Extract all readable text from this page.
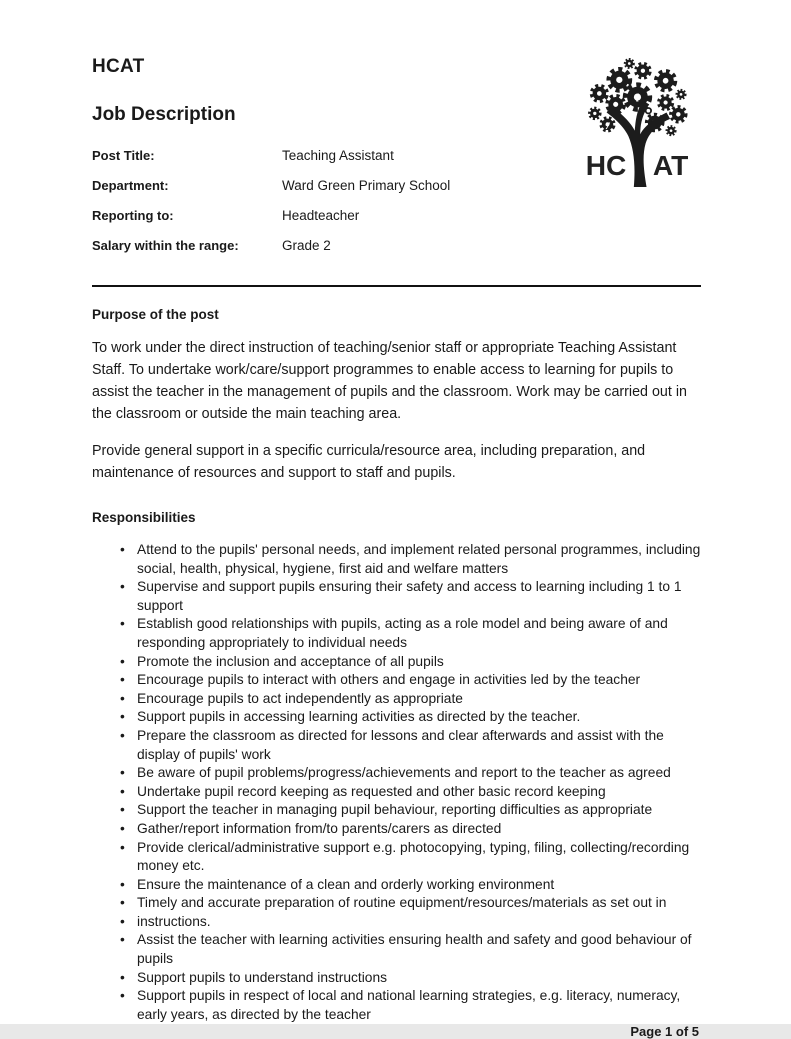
HCAT
Job Description
Post Title:	Teaching Assistant
Department:	Ward Green Primary School
Reporting to:	Headteacher
Salary within the range:	Grade 2
i
7
HC AT
Purpose of the post

To work under the direct instruction of teaching/senior staff or appropriate Teaching Assistant Staff. To undertake work/care/support programmes to enable access to learning for pupils to assist the teacher in the management of pupils and the classroom. Work may be carried out in the classroom or outside the main teaching area.

Provide general support in a specific curricula/resource area, including preparation, and maintenance of resources and support to staff and pupils.

Responsibilities
• Attend to the pupils' personal needs, and implement related personal programmes, including social, health, physical, hygiene, first aid and welfare matters
• Supervise and support pupils ensuring their safety and access to learning including 1 to 1 support
• Establish good relationships with pupils, acting as a role model and being aware of and responding appropriately to individual needs
• Promote the inclusion and acceptance of all pupils
• Encourage pupils to interact with others and engage in activities led by the teacher
• Encourage pupils to act independently as appropriate
• Support pupils in accessing learning activities as directed by the teacher.
• Prepare the classroom as directed for lessons and clear afterwards and assist with the display of pupils' work
• Be aware of pupil problems/progress/achievements and report to the teacher as agreed
• Undertake pupil record keeping as requested and other basic record keeping
• Support the teacher in managing pupil behaviour, reporting difficulties as appropriate
• Gather/report information from/to parents/carers as directed
• Provide clerical/administrative support e.g. photocopying, typing, filing, collecting/recording money etc.
• Ensure the maintenance of a clean and orderly working environment
• Timely and accurate preparation of routine equipment/resources/materials as set out in
• instructions.
• Assist the teacher with learning activities ensuring health and safety and good behaviour of pupils
• Support pupils to understand instructions
• Support pupils in respect of local and national learning strategies, e.g. literacy, numeracy, early years, as directed by the teacher
Page 1 of 5
